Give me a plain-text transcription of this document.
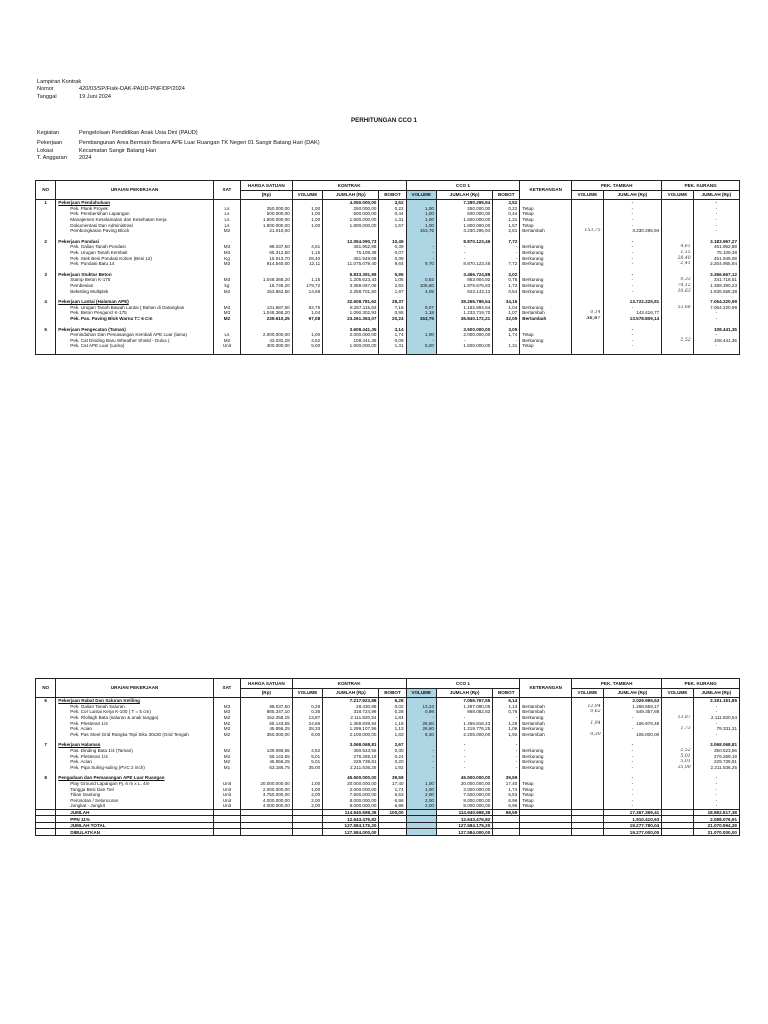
Lampiran Kontrak
Nomor	420/03/SP/Fisik-DAK-PAUD-PNF/DP/2024
Tanggal	19 Juni 2024
PERHITUNGAN CCO 1
Kegiatan	Pengelolaan Pendidikan Anak Usia Dini (PAUD)
Pekerjaan	Pembangunan Area Bermain Besera APE Luar Ruangan TK Negeri 01 Sangir Batang Hari (DAK)
Lokasi	Kecamatan Sangir Batang Hari
T. Anggaran 2024
NO	URAIAN PEKERJAAN	SAT	HARGA SATUAN	KONTRAK			CCO 1			KETERANGAN	PEK. TAMBAH		PEK. KURANG	
			(Rp)	VOLUME	JUMLAH (Rp)	BOBOT	VOLUME	JUMLAH (Rp)	BOBOT		VOLUME	JUMLAH (Rp)	VOLUME	JUMLAH (Rp)
1	Pekerjaan Pendahuluan				4.050.000,00	3,52		7.280.295,94	3,52			-		-
	Pek. Plank Proyek	Ls	250.000,00	1,00	250.000,00	0,22	1,00	250.000,00	0,22	Tetap		-		-
	Pek. Pembersihan Lapangan	Ls	500.000,00	1,00	500.000,00	0,44	1,00	500.000,00	0,44	Tetap		-		-
	Manajemen Keselamatan dan Kesehatan Kerja	Ls	1.500.000,00	1,00	1.500.000,00	1,31	1,00	1.500.000,00	1,31	Tetap		-		-
	Dokumentasi Dan Administrasi	Ls	1.800.000,00	1,00	1.800.000,00	1,57	1,00	1.800.000,00	1,57	Tetap		-		-
	Pembongkaran Paving Block	M2	21.010,00				153,75	3.230.295,94	2,81	Bertambah	153,75	3.230.295,94		-

2	Pekerjaan Pondasi				12.054.090,73	10,49		8.870.123,46	7,72			-		3.183.967,27
	Pek. Galian Tanah Pondasi	M3	98.037,50	4,61	451.952,88	0,39	-	-	-	Berkurang		-	4,61	451.952,88
	Pek. Urugan Tanah Kembali	M3	65.312,50	1,15	75.109,38	0,07	-	-	-	Berkurang		-	1,15	75.109,38
	Pek. Stek Besi Pondasi Kolom (Besi 12)	Kg	15.913,70	28,40	451.949,08	0,39	-	-	-	Berkurang		-	28,40	451.949,08
	Pek. Pondasi Batu 14	M3	914.540,00	12,11	11.075.079,40	9,64	9,70	8.870.123,46	7,72	Berkurang		-	2,41	2.204.955,94

3	Pekerjaan Stuktur Beton				6.833.391,99	5,95		3.466.724,88	3,02			-		3.366.667,12
	Stamp Beton K-175	M3	1.048.368,20	1,15	1.205.623,43	1,05	0,82	863.904,92	0,75	Berkurang		-	0,33	341.718,51
	Pembesian	kg	18.746,20	179,72	3.369.067,06	2,93	105,60	1.979.676,83	1,72	Berkurang		-	74,12	1.389.390,23
	Bekisting Multiplek	M2	153.862,50	14,68	2.258.701,50	1,97	4,05	623.143,13	0,54	Berkurang		-	10,63	1.635.558,38

4	Pekerjaan Lantai (Halaman APE)				32.608.781,62	28,37		39.266.786,54	34,16			13.722.225,91		7.064.220,99
	Pek. Urugan Tanah Bawah Lantai ( Bahan di Datangkan	M3	131.587,50	62,75	8.257.115,63	7,18	9,07	1.192.894,64	1,04	Berkurang		-	53,68	7.064.220,99
	Pek. Beton Penguncl K-175	M3	1.048.368,20	1,04	1.090.302,93	0,95	1,18	1.233.719,70	1,07	Bertambah	0,14	143.416,77		-
	Pek. Pas. Paving Blok Warna T= 6 Cm	M2	239.610,25	97,08	23.261.363,07	20,24	153,75	36.840.172,21	32,05	Bertambah	56,67	13.578.809,14		-

5	Pekerjaan Pengecatan (Taman)				3.608.441,35	3,14		3.500.000,00	3,05			-		108.441,35
	Pemindahan Dan Pemasangan Kembali APE Luar (lama)	Ls	2.000.000,00	1,00	2.000.000,00	1,74	1,00	2.000.000,00	1,74	Tetap		-		-
	Pek. Cat Dinding Baru Wheather Shield - Dulux (	M2	43.032,28	2,52	108.441,35	0,09	-	-	-	Berkurang		-	2,52	108.441,35
	Pek. Cat APE Luar (Lama)	Unit	300.000,00	5,00	1.500.000,00	1,31	5,00	1.500.000,00	1,31	Tetap		-		-

NO	URAIAN PEKERJAAN	SAT	HARGA SATUAN	KONTRAK			CCO 1			KETERANGAN	PEK. TAMBAH		PEK. KURANG	
			(Rp)	VOLUME	JUMLAH (Rp)	BOBOT	VOLUME	JUMLAH (Rp)	BOBOT		VOLUME	JUMLAH (Rp)	VOLUME	JUMLAH (Rp)
6	Pekerjaan Rabat Dan Saluran Keliling				7.217.923,88	6,28		7.056.767,56	6,14			2.029.995,53		2.191.151,85
	Pek. Galian Tanah Saluran	M3	98.037,50	0,29	28.430,88	0,02	13,23	1.297.090,05	1,13	Bertambah	12,94	1.268.659,17		-
	Pek. Cor Lantai Kerja K-100 ( T = 5 cm)	M3	885.347,10	0,36	318.724,96	0,28	0,98	868.082,83	0,76	Bertambah	0,62	549.357,88		-
	Pek. Rlollagh Bata (saluran & anak tangga)	M2	152.258,15	13,87	2.111.820,54	1,84	-	-	-	Berkurang		-	13,87	2.111.820,54
	Pek. Plesteran 1/4	M2	55.143,55	24,66	1.359.839,94	1,18	26,60	1.466.818,43	1,28	Bertambah	1,94	106.978,49		-
	Pek. Acian	M2	45.856,25	28,33	1.299.107,56	1,13	26,60	1.219.776,25	1,06	Berkurang		-	1,73	79.331,31
	Pek. Pas Steel Grid Rangka Tepi Siku 30x30 (Grid Tengah	M2	350.000,00	6,00	2.100.000,00	1,83	6,30	2.205.000,00	1,92	Bertambah	0,30	105.000,00		-

7	Pekerjaan Halaman				3.068.068,81	2,67		-	-			-		3.068.068,81
	Pas. Dinding Bata 1/4 (Taman)	M2	139.096,65	2,52	350.523,56	0,30	-	-	-	Berkurang		-	2,52	350.523,56
	Pek. Plesteran 1/4	M2	55.143,55	5,01	276.269,19	0,24	-	-	-	Berkurang		-	5,01	276.269,19
	Pek. Acian	M2	45.856,25	5,01	229.739,81	0,20	-	-	-	Berkurang		-	5,01	229.739,81
	Pek. Pipa Suling-suling (PVC 2 inch)	M1	63.186,75	35,00	2.211.536,25	1,92	-	-	-	Berkurang		-	35,00	2.211.536,25

8	Pengadaan dan Pemasangan APE Luar Ruangan				45.500.000,00	39,59		45.500.000,00	39,59			-		-
	Play Ground Lapangan Pj. 6 m x L. 4m	Unit	20.000.000,00	1,00	20.000.000,00	17,40	1,00	20.000.000,00	17,40	Tetap		-		-
	Tangga Besi Dan Tiel	Unit	2.000.000,00	1,00	2.000.000,00	1,74	1,00	2.000.000,00	1,74	Tetap		-		-
	Titian Gantung	Unit	3.750.000,00	2,00	7.500.000,00	6,53	2,00	7.500.000,00	6,53	Tetap		-		-
	Perosotan / Seluncuran	Unit	4.000.000,00	2,00	8.000.000,00	6,96	2,00	8.000.000,00	6,96	Tetap		-		-
	Jungkat - Jungkit	Unit	4.000.000,00	2,00	8.000.000,00	6,96	2,00	8.000.000,00	6,96	Tetap		-		-
	JUMLAH				114.940.698,38	100,00		114.940.698,38	98,59			17.367.369,41		18.982.517,38
	PPN 11%				12.643.476,82			12.643.476,82				1.910.410,63		2.088.076,91
	JUMLAH TOTAL				127.584.175,20			127.584.175,20				19.277.780,04		21.070.594,29
	DIBULATKAN				127.584.000,00			127.584.000,00				19.277.000,00		21.070.000,00
